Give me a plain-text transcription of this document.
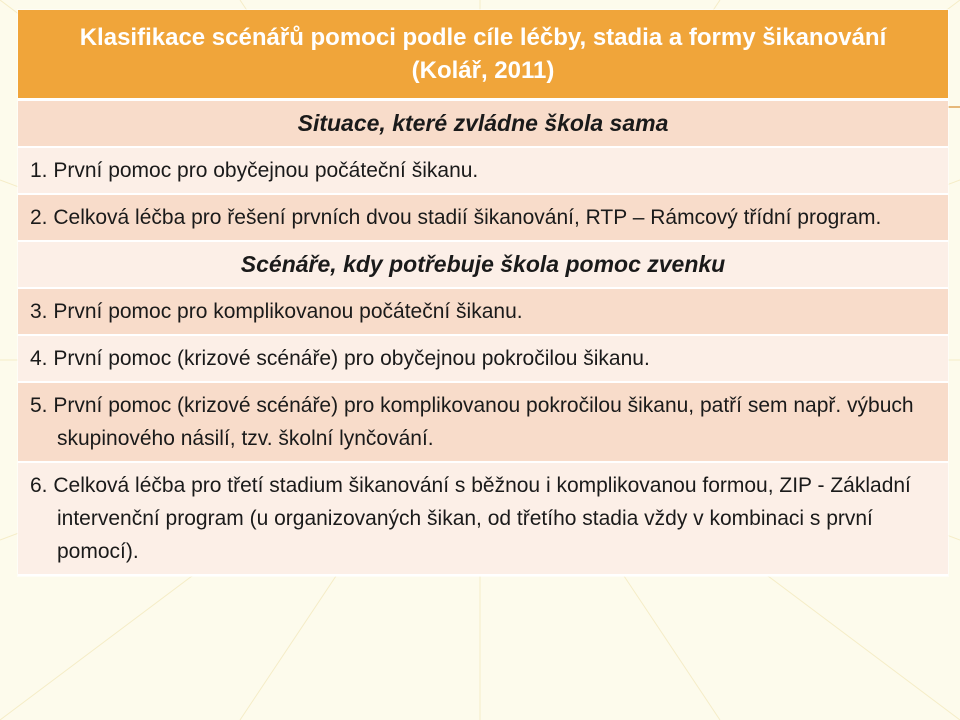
Klasifikace scénářů pomoci podle cíle léčby, stadia a formy šikanování (Kolář, 2011)
Situace, které zvládne škola sama
1. První pomoc pro obyčejnou počáteční šikanu.
2. Celková léčba pro řešení prvních dvou stadií šikanování, RTP – Rámcový třídní program.
Scénáře, kdy potřebuje škola pomoc zvenku
3. První pomoc pro komplikovanou počáteční šikanu.
4. První pomoc (krizové scénáře) pro obyčejnou pokročilou šikanu.
5. První pomoc (krizové scénáře) pro komplikovanou pokročilou šikanu, patří sem např. výbuch skupinového násilí, tzv. školní lynčování.
6. Celková léčba pro třetí stadium šikanování s běžnou i komplikovanou formou, ZIP - Základní intervenční program (u organizovaných šikan, od třetího stadia vždy v kombinaci s první pomocí).
